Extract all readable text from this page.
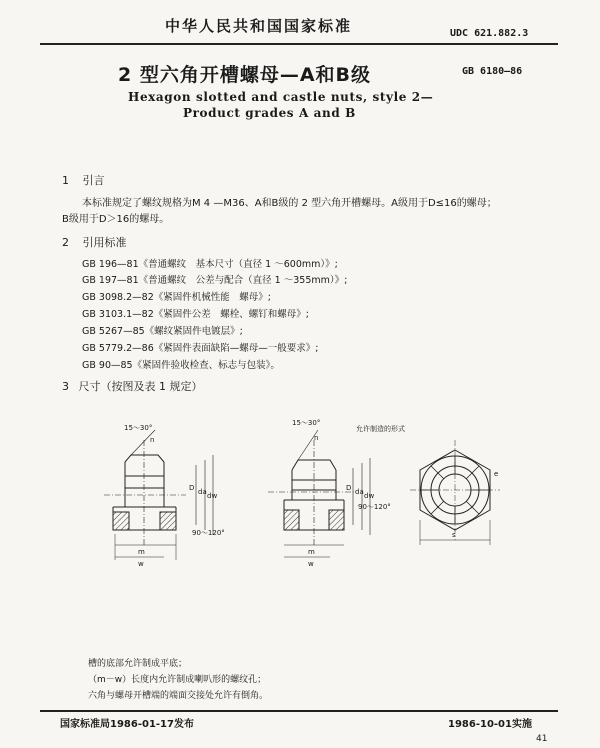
中华人民共和国国家标准	UDC 621.882.3
2 型六角开槽螺母—A和B级	GB 6180—86
Hexagon slotted and castle nuts, style 2—
Product grades A and B
1 引言
本标准规定了螺纹规格为M 4 —M36、A和B级的 2 型六角开槽螺母。A级用于D≤16的螺母；
B级用于D＞16的螺母。
2 引用标准
GB 196—81《普通螺纹　基本尺寸（直径 1 ～600mm）》;
GB 197—81《普通螺纹　公差与配合（直径 1 ～355mm）》;
GB 3098.2—82《紧固件机械性能　螺母》;
GB 3103.1—82《紧固件公差　螺栓、螺钉和螺母》;
GB 5267—85《螺纹紧固件电镀层》;
GB 5779.2—86《紧固件表面缺陷—螺母—一般要求》;
GB 90—85《紧固件验收检查、标志与包装》。
3 尺寸（按图及表 1 规定）
15～30°
15～30°
90～120°
90～120°
m	m
w	w
n	n
D	D
da dw	da dw
s
e
允许制造的形式
槽的底部允许制成平底；
（m－w）长度内允许制成喇叭形的螺纹孔；
六角与螺母开槽端的端面交接处允许有倒角。
国家标准局1986-01-17发布	1986-10-01实施
41
